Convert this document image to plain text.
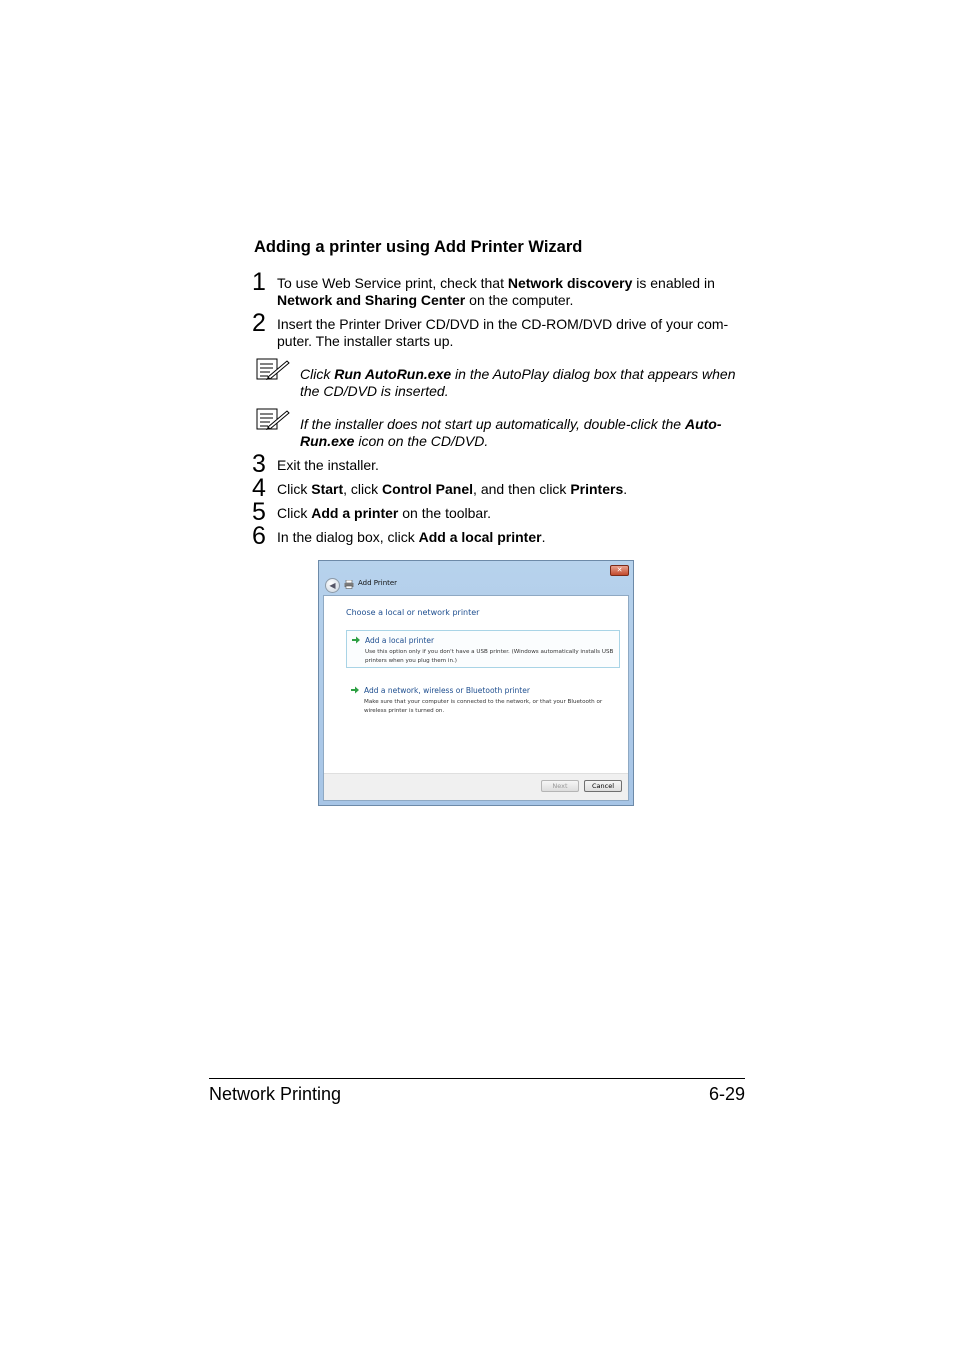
Adding a printer using Add Printer Wizard
1 To use Web Service print, check that Network discovery is enabled in Network and Sharing Center on the computer.
2 Insert the Printer Driver CD/DVD in the CD-ROM/DVD drive of your com-puter. The installer starts up.
Click Run AutoRun.exe in the AutoPlay dialog box that appears when the CD/DVD is inserted.
If the installer does not start up automatically, double-click the Auto-Run.exe icon on the CD/DVD.
3 Exit the installer.
4 Click Start, click Control Panel, and then click Printers.
5 Click Add a printer on the toolbar.
6 In the dialog box, click Add a local printer.
✕
◀	Add Printer
Choose a local or network printer
Add a local printer
Use this option only if you don't have a USB printer. (Windows automatically installs USB printers when you plug them in.)
Add a network, wireless or Bluetooth printer
Make sure that your computer is connected to the network, or that your Bluetooth or wireless printer is turned on.
Next	Cancel
Network Printing	6-29
